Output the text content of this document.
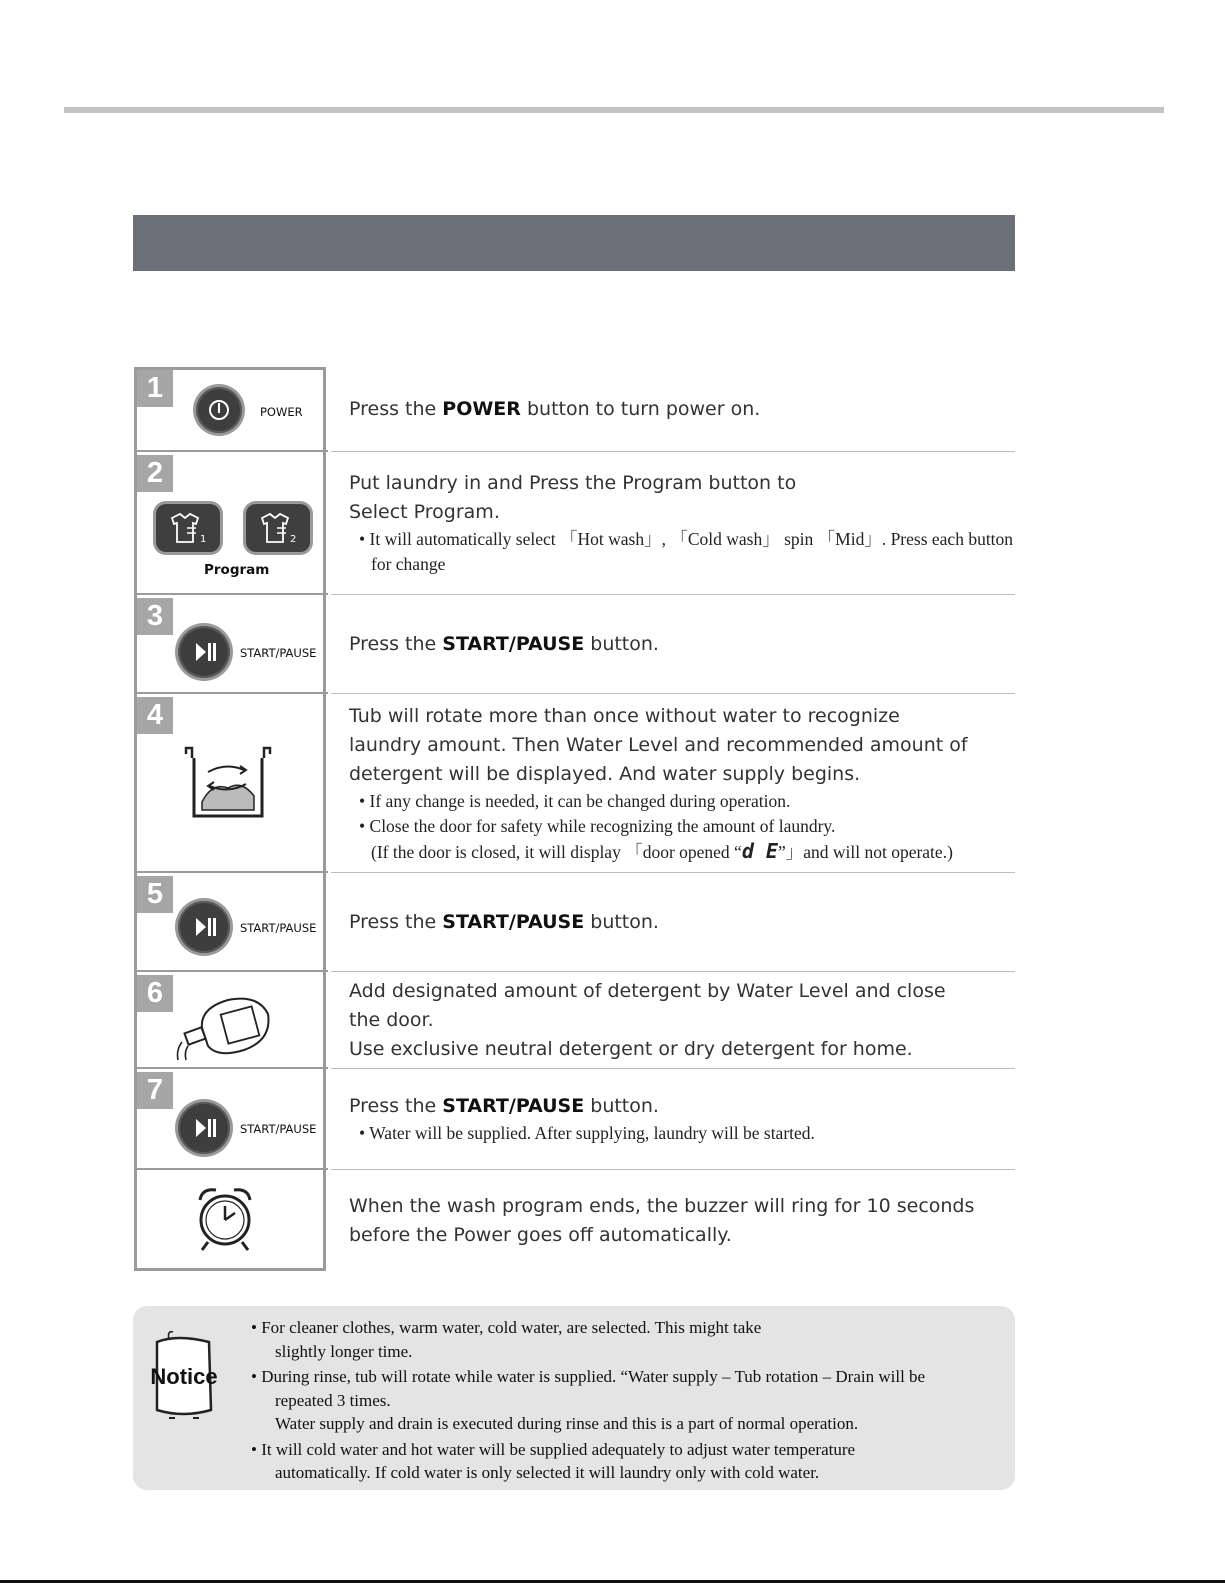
1
POWER Press the POWER button to turn power on.
2
1	2
Program
Put laundry in and Press the Program button to Select Program.
• It will automatically select 「Hot wash」, 「Cold wash」 spin 「Mid」. Press each button
for change
3
START/PAUSE Press the START/PAUSE button.
4	Tub will rotate more than once without water to recognize laundry amount. Then Water Level and recommended amount of detergent will be displayed. And water supply begins.
• If any change is needed, it can be changed during operation.
• Close the door for safety while recognizing the amount of laundry.
(If the door is closed, it will display 「door opened “d E”」and will not operate.)
5
START/PAUSE Press the START/PAUSE button.
6	Add designated amount of detergent by Water Level and close the door.
Use exclusive neutral detergent or dry detergent for home.
7
START/PAUSE
Press the START/PAUSE button.
• Water will be supplied. After supplying, laundry will be started.
When the wash program ends, the buzzer will ring for 10 seconds before the Power goes off automatically.
Notice
• For cleaner clothes, warm water, cold water, are selected. This might take
slightly longer time.
• During rinse, tub will rotate while water is supplied. “Water supply – Tub rotation – Drain will be
repeated 3 times.
Water supply and drain is executed during rinse and this is a part of normal operation.
• It will cold water and hot water will be supplied adequately to adjust water temperature
automatically. If cold water is only selected it will laundry only with cold water.
